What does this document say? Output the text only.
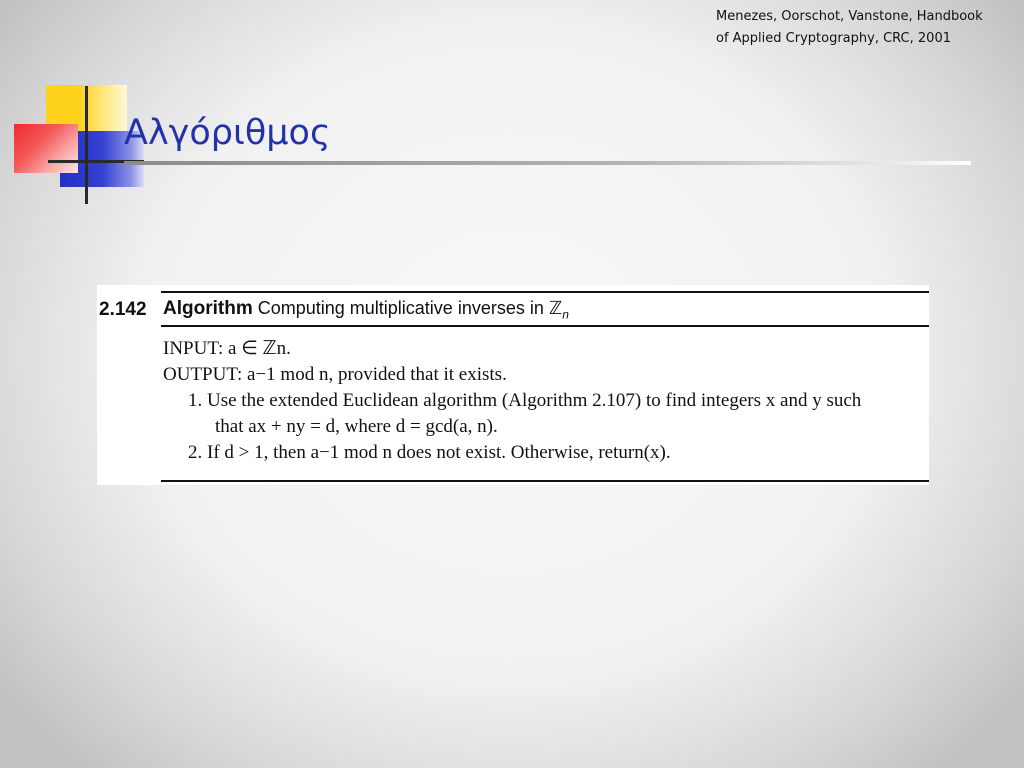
Menezes, Oorschot, Vanstone, Handbook
of Applied Cryptography, CRC, 2001
Αλγόριθμος
2.142 Algorithm Computing multiplicative inverses in ℤ$_n$
INPUT: a ∈ ℤn.
OUTPUT: a−1 mod n, provided that it exists.
1. Use the extended Euclidean algorithm (Algorithm 2.107) to find integers x and y such
that ax + ny = d, where d = gcd(a, n).
2. If d > 1, then a−1 mod n does not exist. Otherwise, return(x).
